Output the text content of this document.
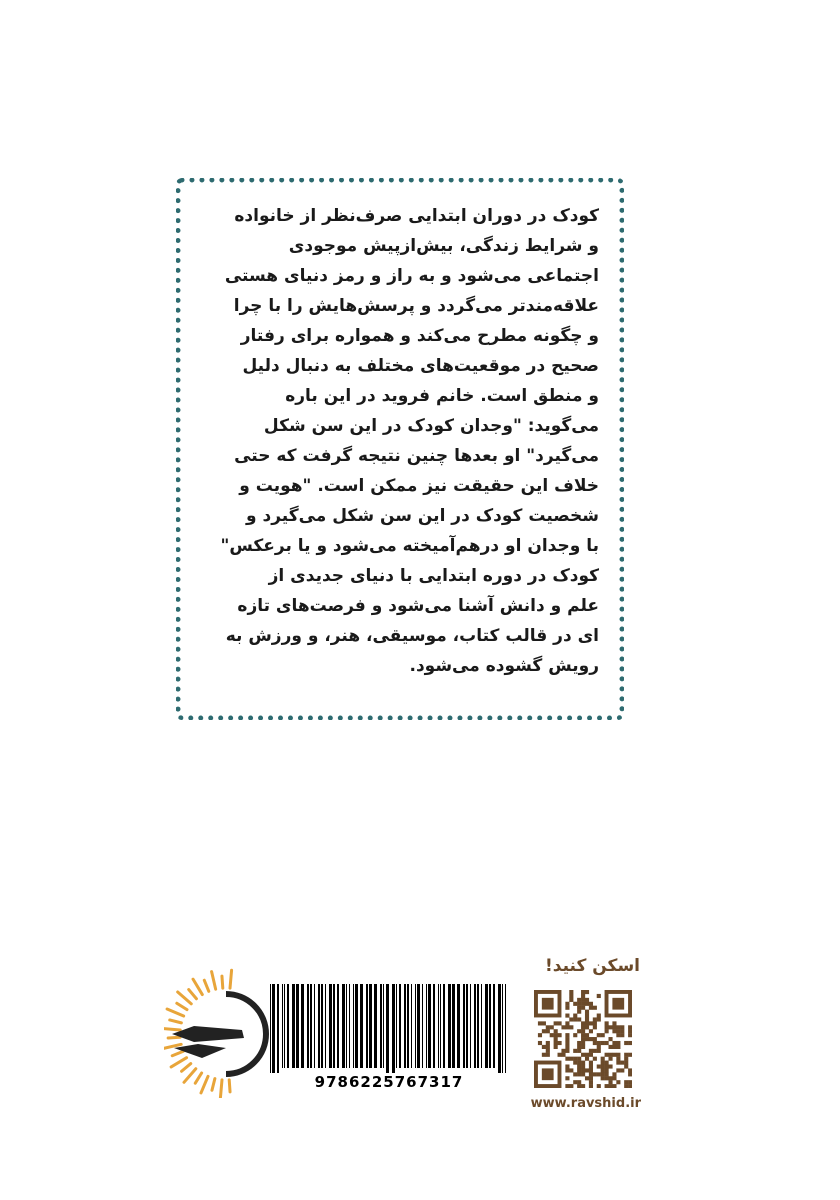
کودک در دوران ابتدایی صرف‌نظر از خانواده
و شرایط زندگی، بیش‌ازپیش موجودی
اجتماعی می‌شود و به راز و رمز دنیای هستی
علاقه‌مندتر می‌گردد و پرسش‌هایش را با چرا
و چگونه مطرح می‌کند و همواره برای رفتار
صحیح در موقعیت‌های مختلف به دنبال دلیل
و منطق است. خانم فروید در این باره
می‌گوید: "وجدان کودک در این سن شکل
می‌گیرد" او بعدها چنین نتیجه گرفت که حتی
خلاف این حقیقت نیز ممکن است. "هویت و
شخصیت کودک در این سن شکل می‌گیرد و
با وجدان او درهم‌آمیخته می‌شود و یا برعکس"
کودک در دوره ابتدایی با دنیای جدیدی از
علم و دانش آشنا می‌شود و فرصت‌های تازه
ای در قالب کتاب، موسیقی، هنر، و ورزش به
رویش گشوده می‌شود.

9786225767317
اسکن کنید!
www.ravshid.ir
